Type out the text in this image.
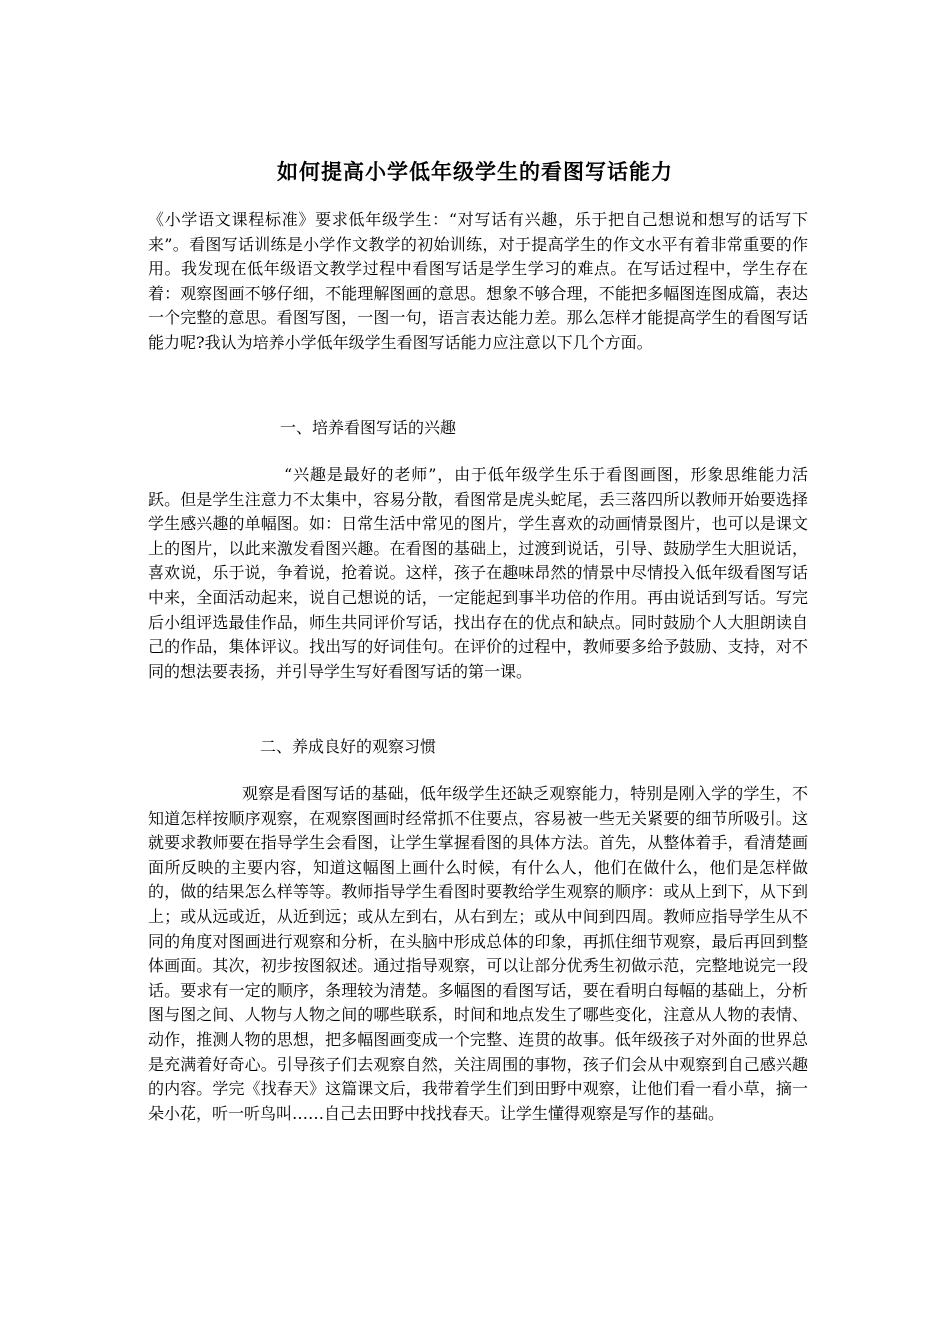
如何提高小学低年级学生的看图写话能力

《小学语文课程标准》要求低年级学生：“对写话有兴趣，乐于把自己想说和想写的话写下来”。看图写话训练是小学作文教学的初始训练，对于提高学生的作文水平有着非常重要的作用。我发现在低年级语文教学过程中看图写话是学生学习的难点。在写话过程中，学生存在着：观察图画不够仔细，不能理解图画的意思。想象不够合理，不能把多幅图连图成篇，表达一个完整的意思。看图写图，一图一句，语言表达能力差。那么怎样才能提高学生的看图写话能力呢?我认为培养小学低年级学生看图写话能力应注意以下几个方面。

一、培养看图写话的兴趣

“兴趣是最好的老师”，由于低年级学生乐于看图画图，形象思维能力活跃。但是学生注意力不太集中，容易分散，看图常是虎头蛇尾，丢三落四所以教师开始要选择学生感兴趣的单幅图。如：日常生活中常见的图片，学生喜欢的动画情景图片，也可以是课文上的图片，以此来激发看图兴趣。在看图的基础上，过渡到说话，引导、鼓励学生大胆说话，喜欢说，乐于说，争着说，抢着说。这样，孩子在趣味昂然的情景中尽情投入低年级看图写话中来，全面活动起来，说自己想说的话，一定能起到事半功倍的作用。再由说话到写话。写完后小组评选最佳作品，师生共同评价写话，找出存在的优点和缺点。同时鼓励个人大胆朗读自己的作品，集体评议。找出写的好词佳句。在评价的过程中，教师要多给予鼓励、支持，对不同的想法要表扬，并引导学生写好看图写话的第一课。

二、养成良好的观察习惯

观察是看图写话的基础，低年级学生还缺乏观察能力，特别是刚入学的学生，不知道怎样按顺序观察，在观察图画时经常抓不住要点，容易被一些无关紧要的细节所吸引。这就要求教师要在指导学生会看图，让学生掌握看图的具体方法。首先，从整体着手，看清楚画面所反映的主要内容，知道这幅图上画什么时候，有什么人，他们在做什么，他们是怎样做的，做的结果怎么样等等。教师指导学生看图时要教给学生观察的顺序：或从上到下，从下到上；或从远或近，从近到远；或从左到右，从右到左；或从中间到四周。教师应指导学生从不同的角度对图画进行观察和分析，在头脑中形成总体的印象，再抓住细节观察，最后再回到整体画面。其次，初步按图叙述。通过指导观察，可以让部分优秀生初做示范，完整地说完一段话。要求有一定的顺序，条理较为清楚。多幅图的看图写话，要在看明白每幅的基础上，分析图与图之间、人物与人物之间的哪些联系，时间和地点发生了哪些变化，注意从人物的表情、动作，推测人物的思想，把多幅图画变成一个完整、连贯的故事。低年级孩子对外面的世界总是充满着好奇心。引导孩子们去观察自然，关注周围的事物，孩子们会从中观察到自己感兴趣的内容。学完《找春天》这篇课文后，我带着学生们到田野中观察，让他们看一看小草，摘一朵小花，听一听鸟叫……自己去田野中找找春天。让学生懂得观察是写作的基础。
